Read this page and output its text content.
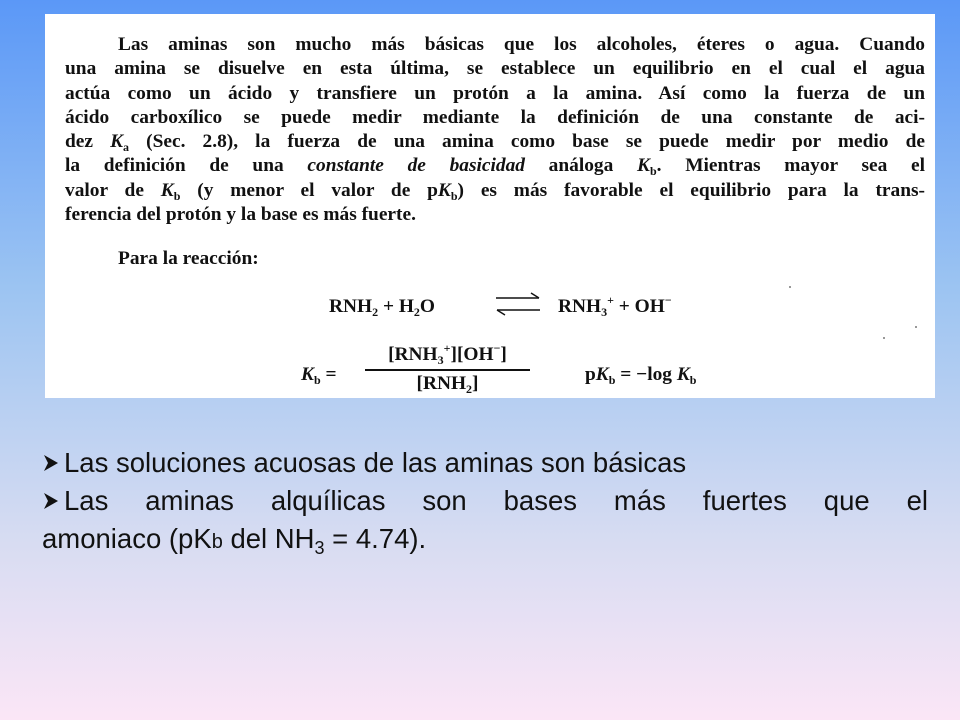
Las aminas son mucho más básicas que los alcoholes, éteres o agua. Cuando
una amina se disuelve en esta última, se establece un equilibrio en el cual el agua
actúa como un ácido y transfiere un protón a la amina. Así como la fuerza de un
ácido carboxílico se puede medir mediante la definición de una constante de aci-
dez $K_a$ (Sec. 2.8), la fuerza de una amina como base se puede medir por medio de
la definición de una constante de basicidad análoga $K_b$. Mientras mayor sea el
valor de $K_b$ (y menor el valor de $pK_b$) es más favorable el equilibrio para la trans-
ferencia del protón y la base es más fuerte.

Para la reacción:
$RNH_2 + H_2O$	⇌ $RNH_3^+ + OH^-$
$K_b$ =
$[RNH_3^+][OH^-]$
$[RNH_2]$	$pK_b = -\log$ $K_b$

Las soluciones acuosas de las aminas son básicas

Las aminas alquílicas son bases más fuertes que el
amoniaco (pKb del $NH_3 = 4.74$).
